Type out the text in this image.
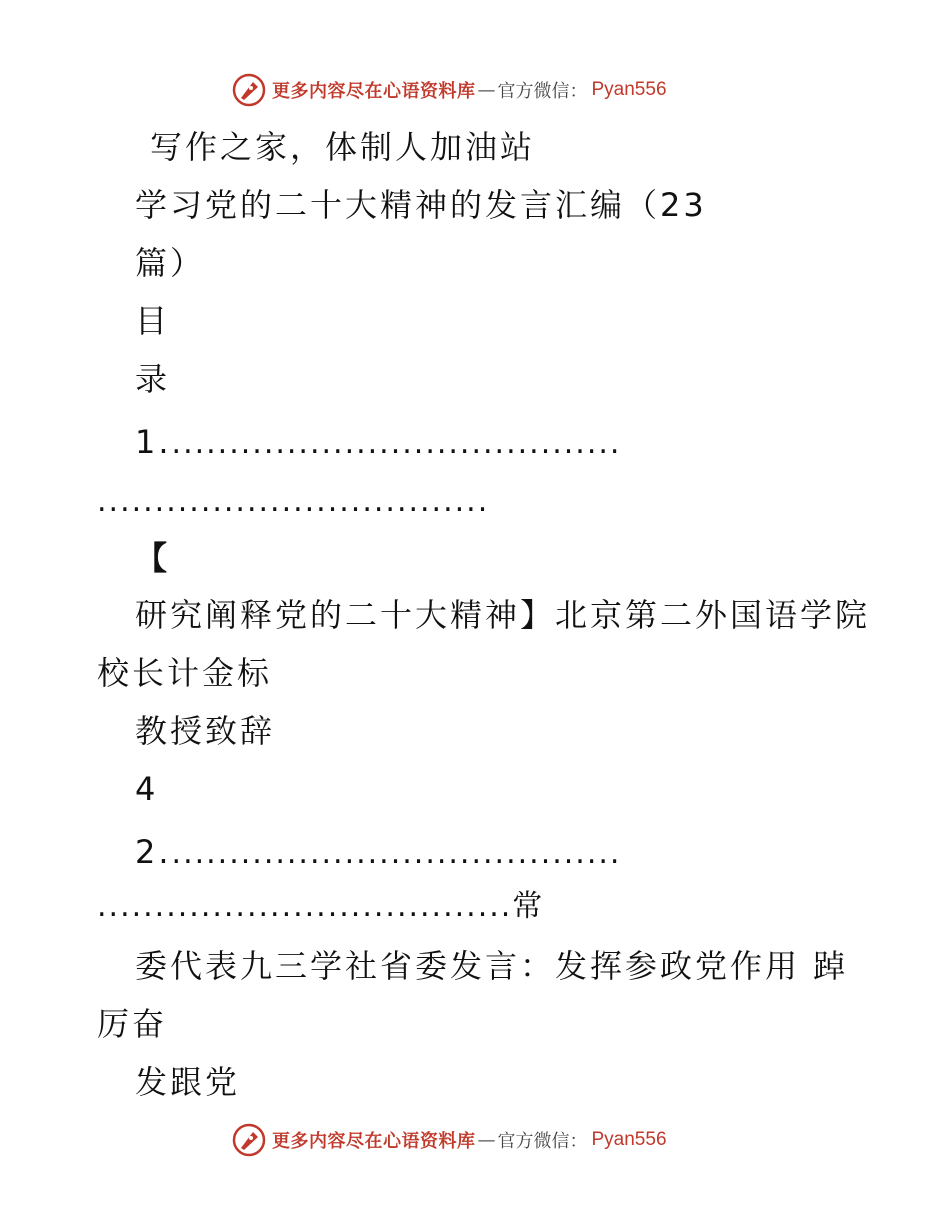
更多内容尽在心语资料库 — 官方微信： Pyan556
写作之家，体制人加油站
学习党的二十大精神的发言汇编（23
篇）
目
录
1........................................
..................................
【
研究阐释党的二十大精神】北京第二外国语学院
校长计金标
教授致辞
4
2........................................
....................................常
委代表九三学社省委发言：发挥参政党作用 踔
厉奋
发跟党
更多内容尽在心语资料库 — 官方微信： Pyan556
